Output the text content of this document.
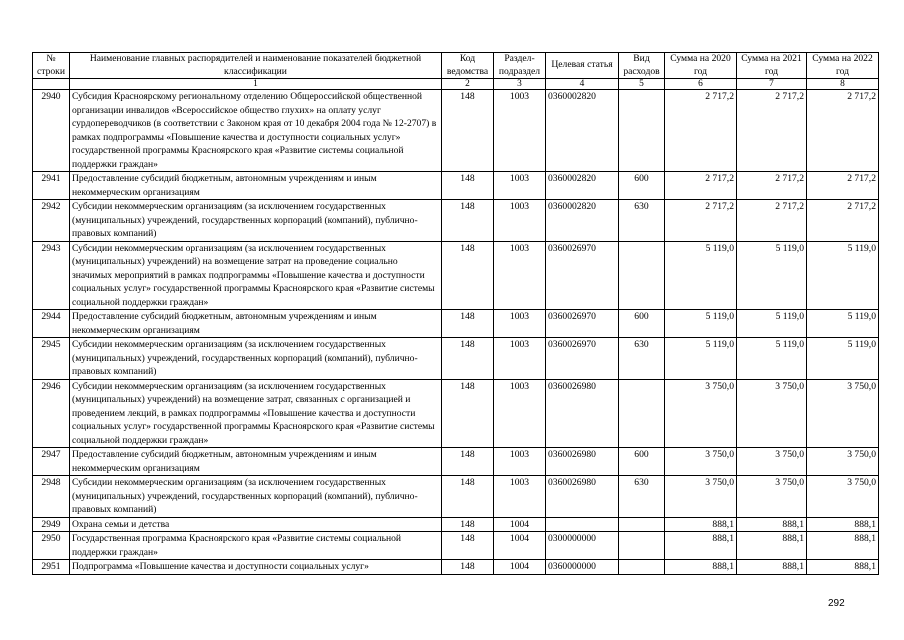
№ строки	Наименование главных распорядителей и наименование показателей бюджетной классификации	Код ведомства	Раздел-подраздел	Целевая статья	Вид расходов	Сумма на 2020 год	Сумма на 2021 год	Сумма на 2022 год
	1	2	3	4	5	6	7	8
2940	Субсидия Красноярскому региональному отделению Общероссийской общественной организации инвалидов «Всероссийское общество глухих» на оплату услуг сурдопереводчиков (в соответствии с Законом края от 10 декабря 2004 года № 12-2707) в рамках подпрограммы «Повышение качества и доступности социальных услуг» государственной программы Красноярского края «Развитие системы социальной поддержки граждан»	148	1003	0360002820		2 717,2	2 717,2	2 717,2
2941	Предоставление субсидий бюджетным, автономным учреждениям и иным некоммерческим организациям	148	1003	0360002820	600	2 717,2	2 717,2	2 717,2
2942	Субсидии некоммерческим организациям (за исключением государственных (муниципальных) учреждений, государственных корпораций (компаний), публично-правовых компаний)	148	1003	0360002820	630	2 717,2	2 717,2	2 717,2
2943	Субсидии некоммерческим организациям (за исключением государственных (муниципальных) учреждений) на возмещение затрат на проведение социально значимых мероприятий в рамках подпрограммы «Повышение качества и доступности социальных услуг» государственной программы Красноярского края «Развитие системы социальной поддержки граждан»	148	1003	0360026970		5 119,0	5 119,0	5 119,0
2944	Предоставление субсидий бюджетным, автономным учреждениям и иным некоммерческим организациям	148	1003	0360026970	600	5 119,0	5 119,0	5 119,0
2945	Субсидии некоммерческим организациям (за исключением государственных (муниципальных) учреждений, государственных корпораций (компаний), публично-правовых компаний)	148	1003	0360026970	630	5 119,0	5 119,0	5 119,0
2946	Субсидии некоммерческим организациям (за исключением государственных (муниципальных) учреждений) на возмещение затрат, связанных с организацией и проведением лекций, в рамках подпрограммы «Повышение качества и доступности социальных услуг» государственной программы Красноярского края «Развитие системы социальной поддержки граждан»	148	1003	0360026980		3 750,0	3 750,0	3 750,0
2947	Предоставление субсидий бюджетным, автономным учреждениям и иным некоммерческим организациям	148	1003	0360026980	600	3 750,0	3 750,0	3 750,0
2948	Субсидии некоммерческим организациям (за исключением государственных (муниципальных) учреждений, государственных корпораций (компаний), публично-правовых компаний)	148	1003	0360026980	630	3 750,0	3 750,0	3 750,0
2949	Охрана семьи и детства	148	1004			888,1	888,1	888,1
2950	Государственная программа Красноярского края «Развитие системы социальной поддержки граждан»	148	1004	0300000000		888,1	888,1	888,1
2951	Подпрограмма «Повышение качества и доступности социальных услуг»	148	1004	0360000000		888,1	888,1	888,1
292
